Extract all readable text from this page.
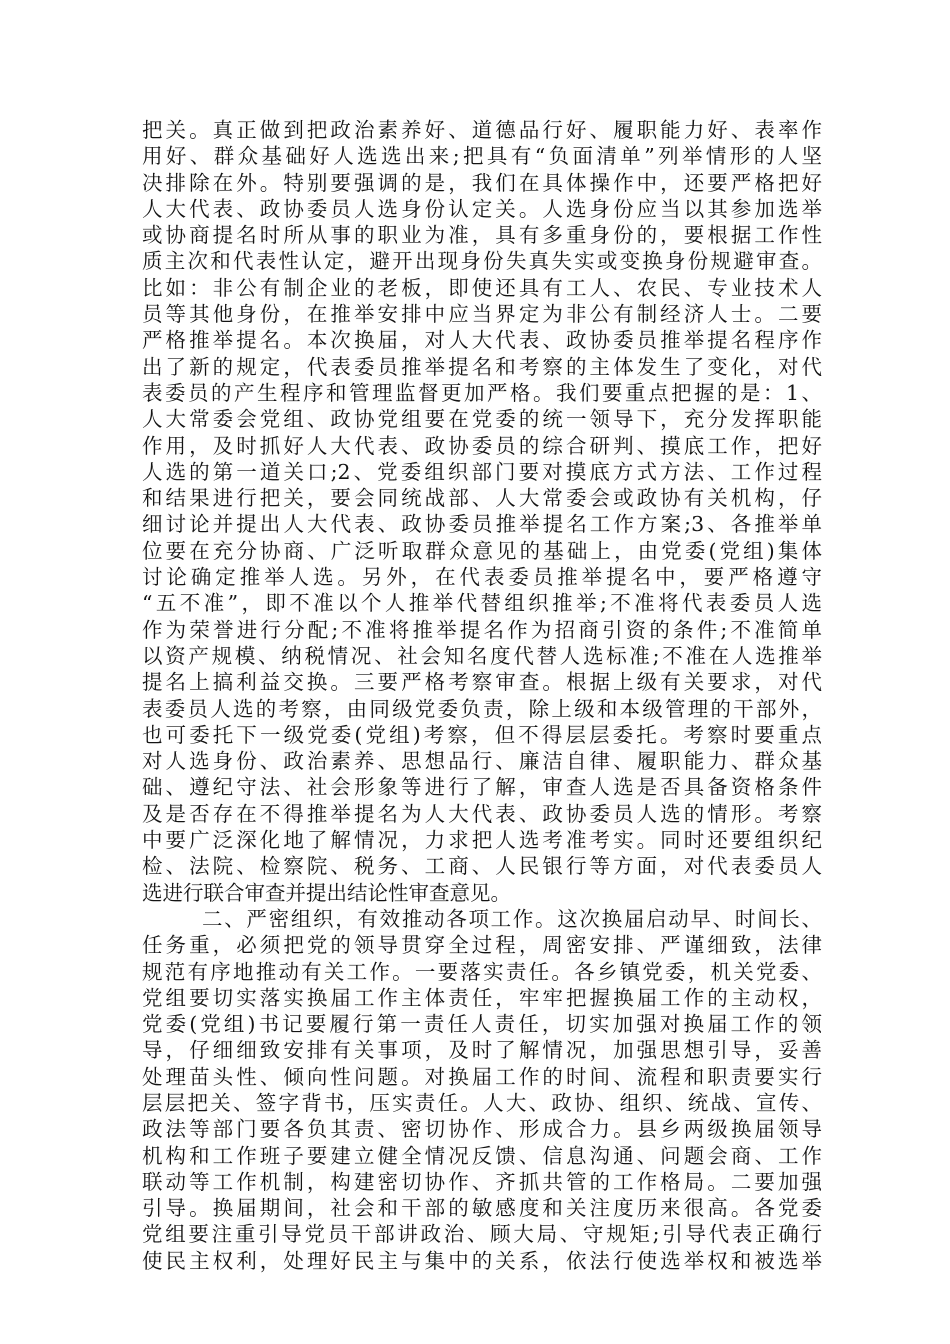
把关。真正做到把政治素养好、道德品行好、履职能力好、表率作
用好、群众基础好人选选出来;把具有“负面清单”列举情形的人坚
决排除在外。特别要强调的是，我们在具体操作中，还要严格把好
人大代表、政协委员人选身份认定关。人选身份应当以其参加选举
或协商提名时所从事的职业为准，具有多重身份的，要根据工作性
质主次和代表性认定，避开出现身份失真失实或变换身份规避审查。
比如：非公有制企业的老板，即使还具有工人、农民、专业技术人
员等其他身份，在推举安排中应当界定为非公有制经济人士。二要
严格推举提名。本次换届，对人大代表、政协委员推举提名程序作
出了新的规定，代表委员推举提名和考察的主体发生了变化，对代
表委员的产生程序和管理监督更加严格。我们要重点把握的是：1、
人大常委会党组、政协党组要在党委的统一领导下，充分发挥职能
作用，及时抓好人大代表、政协委员的综合研判、摸底工作，把好
人选的第一道关口;2、党委组织部门要对摸底方式方法、工作过程
和结果进行把关，要会同统战部、人大常委会或政协有关机构，仔
细讨论并提出人大代表、政协委员推举提名工作方案;3、各推举单
位要在充分协商、广泛听取群众意见的基础上，由党委(党组)集体
讨论确定推举人选。另外，在代表委员推举提名中，要严格遵守
“五不准”，即不准以个人推举代替组织推举;不准将代表委员人选
作为荣誉进行分配;不准将推举提名作为招商引资的条件;不准简单
以资产规模、纳税情况、社会知名度代替人选标准;不准在人选推举
提名上搞利益交换。三要严格考察审查。根据上级有关要求，对代
表委员人选的考察，由同级党委负责，除上级和本级管理的干部外，
也可委托下一级党委(党组)考察，但不得层层委托。考察时要重点
对人选身份、政治素养、思想品行、廉洁自律、履职能力、群众基
础、遵纪守法、社会形象等进行了解，审查人选是否具备资格条件
及是否存在不得推举提名为人大代表、政协委员人选的情形。考察
中要广泛深化地了解情况，力求把人选考准考实。同时还要组织纪
检、法院、检察院、税务、工商、人民银行等方面，对代表委员人
选进行联合审查并提出结论性审查意见。
二、严密组织，有效推动各项工作。这次换届启动早、时间长、
任务重，必须把党的领导贯穿全过程，周密安排、严谨细致，法律
规范有序地推动有关工作。一要落实责任。各乡镇党委，机关党委、
党组要切实落实换届工作主体责任，牢牢把握换届工作的主动权，
党委(党组)书记要履行第一责任人责任，切实加强对换届工作的领
导，仔细细致安排有关事项，及时了解情况，加强思想引导，妥善
处理苗头性、倾向性问题。对换届工作的时间、流程和职责要实行
层层把关、签字背书，压实责任。人大、政协、组织、统战、宣传、
政法等部门要各负其责、密切协作、形成合力。县乡两级换届领导
机构和工作班子要建立健全情况反馈、信息沟通、问题会商、工作
联动等工作机制，构建密切协作、齐抓共管的工作格局。二要加强
引导。换届期间，社会和干部的敏感度和关注度历来很高。各党委
党组要注重引导党员干部讲政治、顾大局、守规矩;引导代表正确行
使民主权利，处理好民主与集中的关系，依法行使选举权和被选举
